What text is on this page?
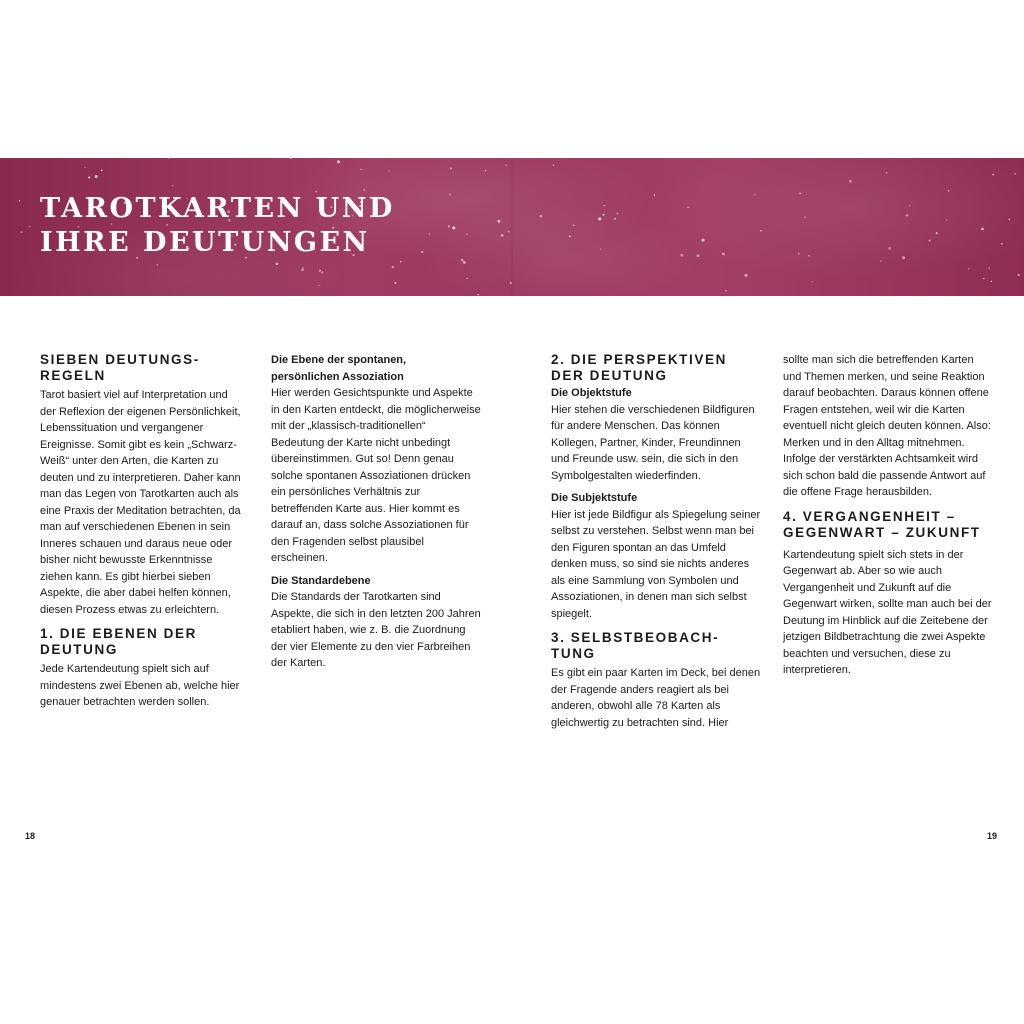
TAROTKARTEN UND
IHRE DEUTUNGEN
SIEBEN DEUTUNGS-
REGELN

Tarot basiert viel auf Interpretation und der Reflexion der eigenen Persönlichkeit, Lebenssituation und vergangener Ereignisse. Somit gibt es kein „Schwarz-Weiß“ unter den Arten, die Karten zu deuten und zu interpretieren. Daher kann man das Legen von Tarotkarten auch als eine Praxis der Meditation betrachten, da man auf verschiedenen Ebenen in sein Inneres schauen und daraus neue oder bisher nicht bewusste Erkenntnisse ziehen kann. Es gibt hierbei sieben Aspekte, die aber dabei helfen können, diesen Prozess etwas zu erleichtern.

1. DIE EBENEN DER
DEUTUNG

Jede Kartendeutung spielt sich auf mindestens zwei Ebenen ab, welche hier genauer betrachten werden sollen.

Die Ebene der spontanen,
persönlichen Assoziation

Hier werden Gesichtspunkte und Aspekte in den Karten entdeckt, die möglicherweise mit der „klassisch-traditionellen“ Bedeutung der Karte nicht unbedingt übereinstimmen. Gut so! Denn genau solche spontanen Assoziationen drücken ein persönliches Verhältnis zur betreffenden Karte aus. Hier kommt es darauf an, dass solche Assoziationen für den Fragenden selbst plausibel erscheinen.

Die Standardebene

Die Standards der Tarotkarten sind Aspekte, die sich in den letzten 200 Jahren etabliert haben, wie z. B. die Zuordnung der vier Elemente zu den vier Farbreihen der Karten.

2. DIE PERSPEKTIVEN
DER DEUTUNG
Die Objektstufe

Hier stehen die verschiedenen Bildfiguren für andere Menschen. Das können Kollegen, Partner, Kinder, Freundinnen und Freunde usw. sein, die sich in den Symbolgestalten wiederfinden.

Die Subjektstufe

Hier ist jede Bildfigur als Spiegelung seiner selbst zu verstehen. Selbst wenn man bei den Figuren spontan an das Umfeld denken muss, so sind sie nichts anderes als eine Sammlung von Symbolen und Assoziationen, in denen man sich selbst spiegelt.

3. SELBSTBEOBACH-
TUNG

Es gibt ein paar Karten im Deck, bei denen der Fragende anders reagiert als bei anderen, obwohl alle 78 Karten als gleichwertig zu betrachten sind. Hier

sollte man sich die betreffenden Karten und Themen merken, und seine Reaktion darauf beobachten. Daraus können offene Fragen entstehen, weil wir die Karten eventuell nicht gleich deuten können. Also: Merken und in den Alltag mitnehmen. Infolge der verstärkten Achtsamkeit wird sich schon bald die passende Antwort auf die offene Frage herausbilden.

4. VERGANGENHEIT –
GEGENWART – ZUKUNFT

Kartendeutung spielt sich stets in der Gegenwart ab. Aber so wie auch Vergangenheit und Zukunft auf die Gegenwart wirken, sollte man auch bei der Deutung im Hinblick auf die Zeitebene der jetzigen Bildbetrachtung die zwei Aspekte beachten und versuchen, diese zu interpretieren.

18	19
